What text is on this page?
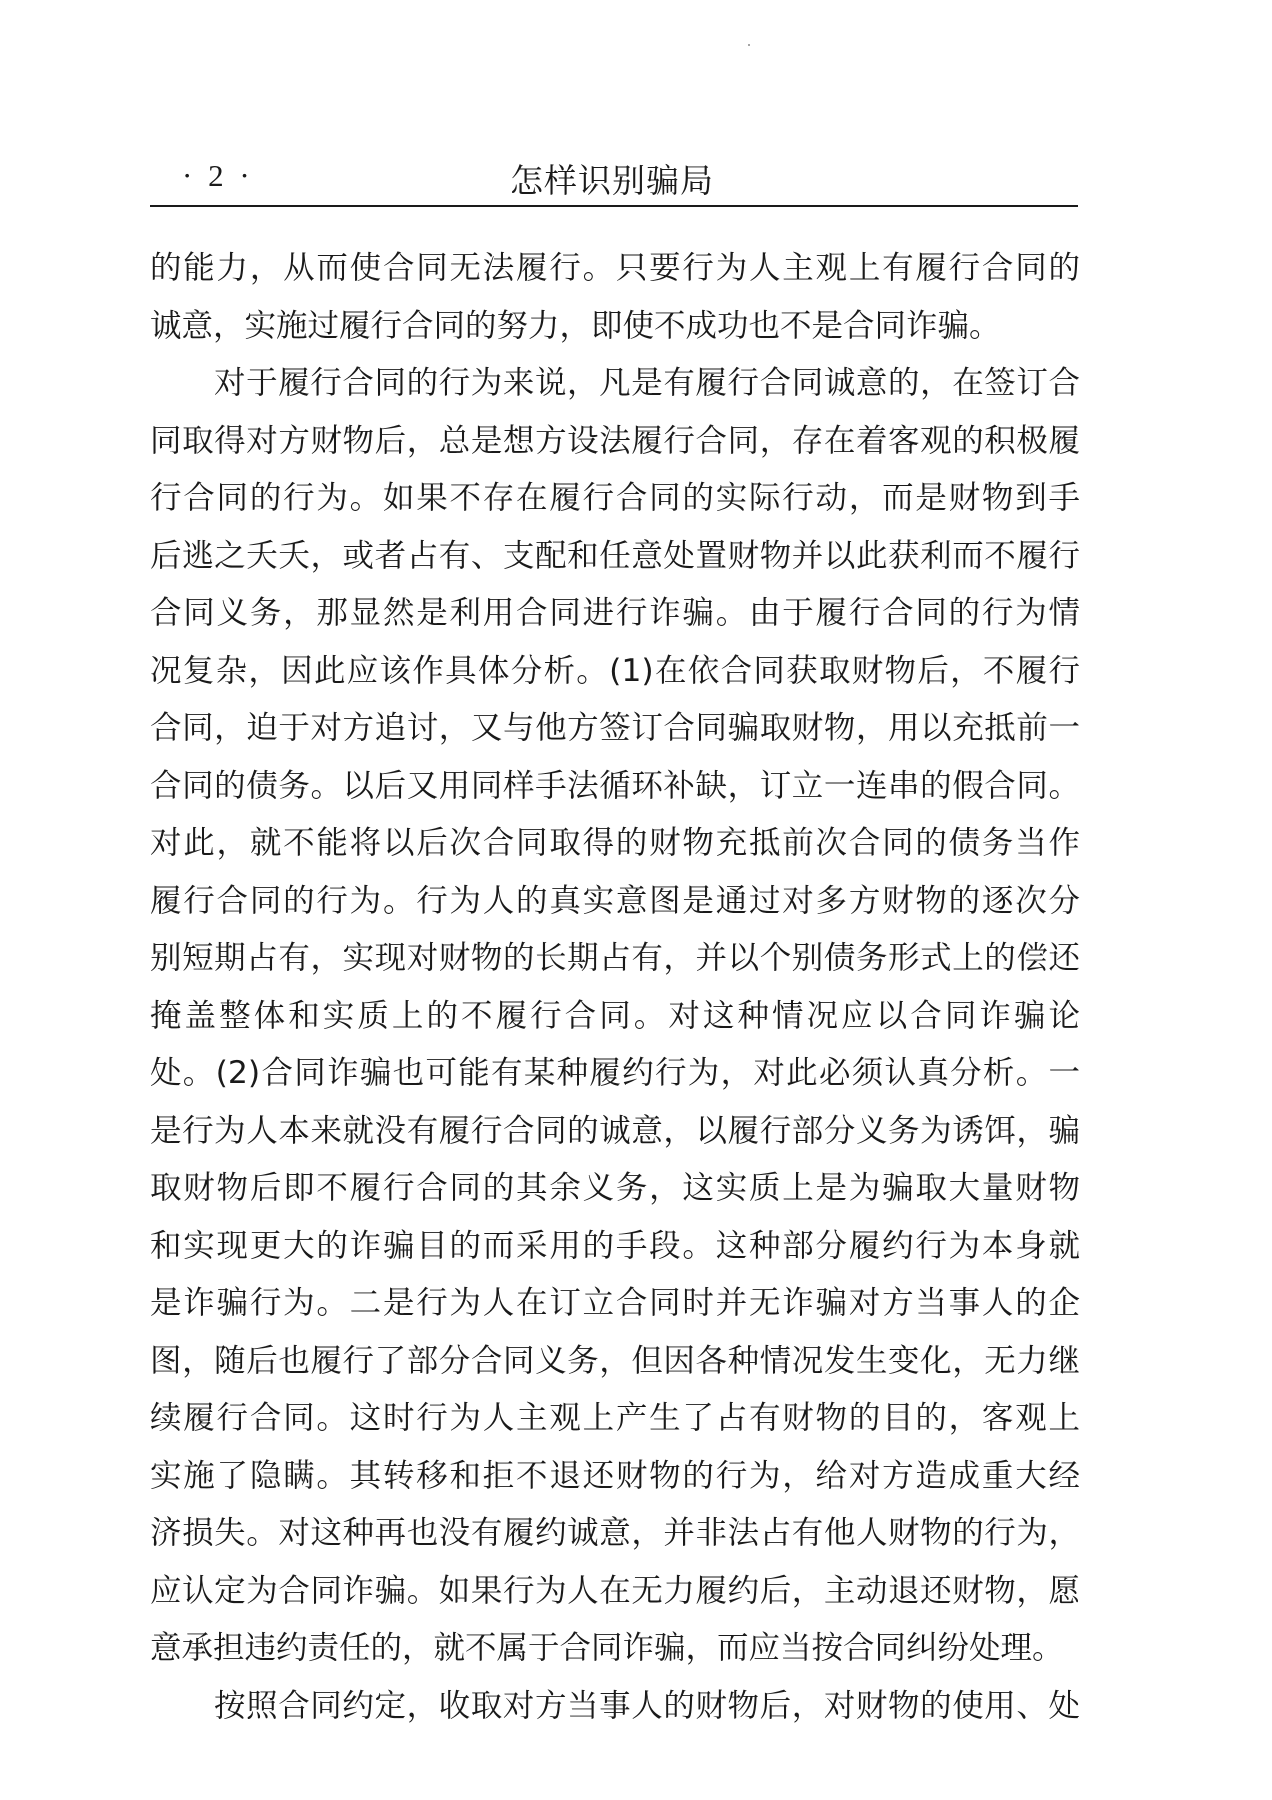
· 2 ·	怎样识别骗局
的能力，从而使合同无法履行。只要行为人主观上有履行合同的
诚意，实施过履行合同的努力，即使不成功也不是合同诈骗。
对于履行合同的行为来说，凡是有履行合同诚意的，在签订合
同取得对方财物后，总是想方设法履行合同，存在着客观的积极履
行合同的行为。如果不存在履行合同的实际行动，而是财物到手
后逃之夭夭，或者占有、支配和任意处置财物并以此获利而不履行
合同义务，那显然是利用合同进行诈骗。由于履行合同的行为情
况复杂，因此应该作具体分析。(1)在依合同获取财物后，不履行
合同，迫于对方追讨，又与他方签订合同骗取财物，用以充抵前一
合同的债务。以后又用同样手法循环补缺，订立一连串的假合同。
对此，就不能将以后次合同取得的财物充抵前次合同的债务当作
履行合同的行为。行为人的真实意图是通过对多方财物的逐次分
别短期占有，实现对财物的长期占有，并以个别债务形式上的偿还
掩盖整体和实质上的不履行合同。对这种情况应以合同诈骗论
处。(2)合同诈骗也可能有某种履约行为，对此必须认真分析。一
是行为人本来就没有履行合同的诚意，以履行部分义务为诱饵，骗
取财物后即不履行合同的其余义务，这实质上是为骗取大量财物
和实现更大的诈骗目的而采用的手段。这种部分履约行为本身就
是诈骗行为。二是行为人在订立合同时并无诈骗对方当事人的企
图，随后也履行了部分合同义务，但因各种情况发生变化，无力继
续履行合同。这时行为人主观上产生了占有财物的目的，客观上
实施了隐瞒。其转移和拒不退还财物的行为，给对方造成重大经
济损失。对这种再也没有履约诚意，并非法占有他人财物的行为，
应认定为合同诈骗。如果行为人在无力履约后，主动退还财物，愿
意承担违约责任的，就不属于合同诈骗，而应当按合同纠纷处理。
按照合同约定，收取对方当事人的财物后，对财物的使用、处
